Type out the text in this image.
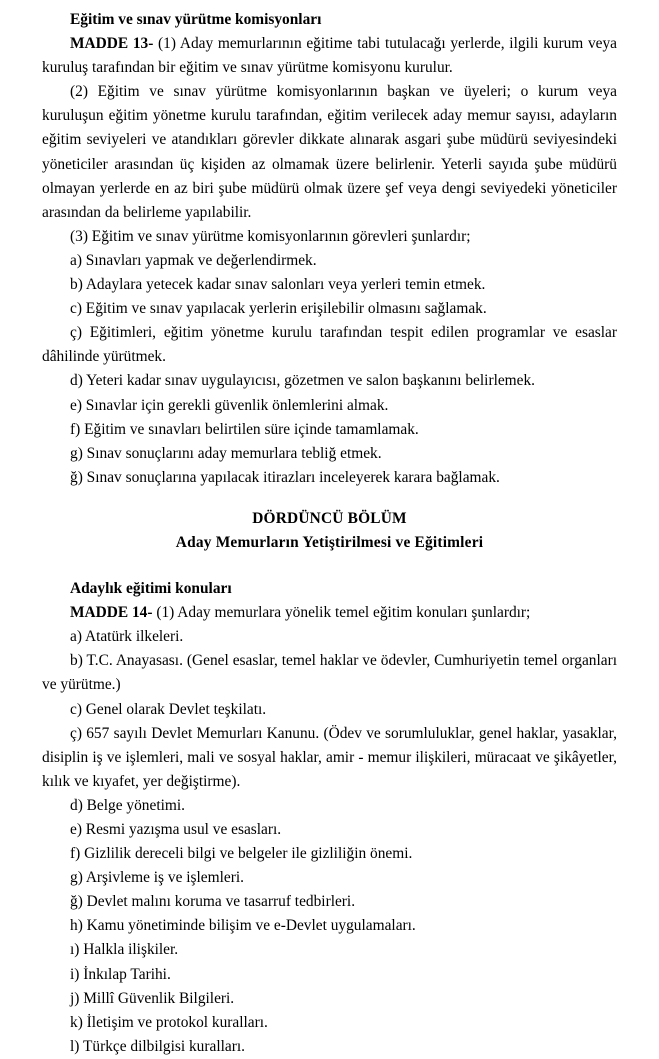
Eğitim ve sınav yürütme komisyonları

MADDE 13- (1) Aday memurlarının eğitime tabi tutulacağı yerlerde, ilgili kurum veya kuruluş tarafından bir eğitim ve sınav yürütme komisyonu kurulur.

(2) Eğitim ve sınav yürütme komisyonlarının başkan ve üyeleri; o kurum veya kuruluşun eğitim yönetme kurulu tarafından, eğitim verilecek aday memur sayısı, adayların eğitim seviyeleri ve atandıkları görevler dikkate alınarak asgari şube müdürü seviyesindeki yöneticiler arasından üç kişiden az olmamak üzere belirlenir. Yeterli sayıda şube müdürü olmayan yerlerde en az biri şube müdürü olmak üzere şef veya dengi seviyedeki yöneticiler arasından da belirleme yapılabilir.

(3) Eğitim ve sınav yürütme komisyonlarının görevleri şunlardır;

a) Sınavları yapmak ve değerlendirmek.

b) Adaylara yetecek kadar sınav salonları veya yerleri temin etmek.

c) Eğitim ve sınav yapılacak yerlerin erişilebilir olmasını sağlamak.

ç) Eğitimleri, eğitim yönetme kurulu tarafından tespit edilen programlar ve esaslar dâhilinde yürütmek.

d) Yeteri kadar sınav uygulayıcısı, gözetmen ve salon başkanını belirlemek.

e) Sınavlar için gerekli güvenlik önlemlerini almak.

f) Eğitim ve sınavları belirtilen süre içinde tamamlamak.

g) Sınav sonuçlarını aday memurlara tebliğ etmek.

ğ) Sınav sonuçlarına yapılacak itirazları inceleyerek karara bağlamak.

DÖRDÜNCÜ BÖLÜM

Aday Memurların Yetiştirilmesi ve Eğitimleri

Adaylık eğitimi konuları

MADDE 14- (1) Aday memurlara yönelik temel eğitim konuları şunlardır;

a) Atatürk ilkeleri.

b) T.C. Anayasası. (Genel esaslar, temel haklar ve ödevler, Cumhuriyetin temel organları ve yürütme.)

c) Genel olarak Devlet teşkilatı.

ç) 657 sayılı Devlet Memurları Kanunu. (Ödev ve sorumluluklar, genel haklar, yasaklar, disiplin iş ve işlemleri, mali ve sosyal haklar, amir - memur ilişkileri, müracaat ve şikâyetler, kılık ve kıyafet, yer değiştirme).

d) Belge yönetimi.

e) Resmi yazışma usul ve esasları.

f) Gizlilik dereceli bilgi ve belgeler ile gizliliğin önemi.

g) Arşivleme iş ve işlemleri.

ğ) Devlet malını koruma ve tasarruf tedbirleri.

h) Kamu yönetiminde bilişim ve e-Devlet uygulamaları.

ı) Halkla ilişkiler.

i) İnkılap Tarihi.

j) Millî Güvenlik Bilgileri.

k) İletişim ve protokol kuralları.

l) Türkçe dilbilgisi kuralları.
